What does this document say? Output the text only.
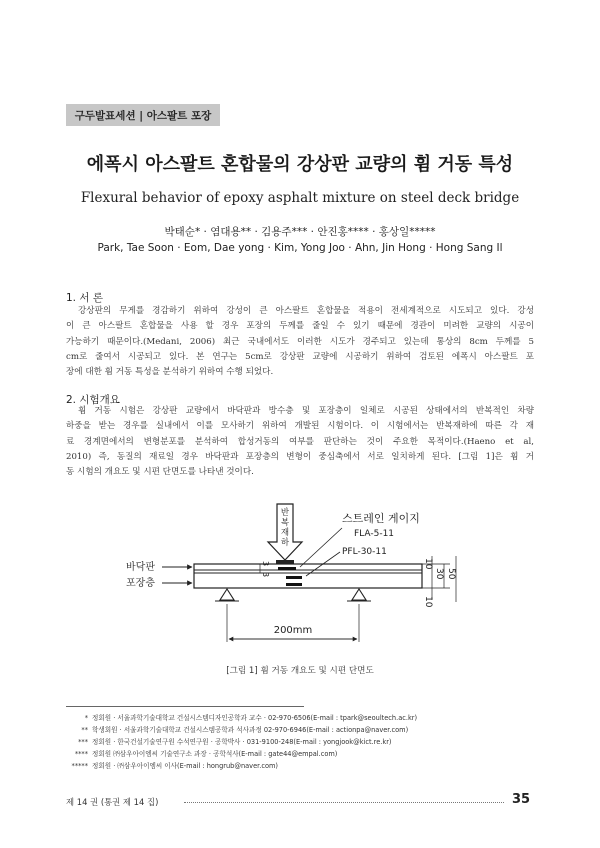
구두발표세션 | 아스팔트 포장
에폭시 아스팔트 혼합물의 강상판 교량의 휨 거동 특성
Flexural behavior of epoxy asphalt mixture on steel deck bridge
박태순* · 염대용** · 김용주*** · 안진홍**** · 홍상일*****
Park, Tae Soon · Eom, Dae yong · Kim, Yong Joo · Ahn, Jin Hong · Hong Sang Il
1. 서 론
강상판의 무게를 경감하기 위하여 강성이 큰 아스팔트 혼합물을 적용이 전세계적으로 시도되고 있다. 강성
이 큰 아스팔트 혼합물을 사용 할 경우 포장의 두께를 줄일 수 있기 때문에 경관이 미려한 교량의 시공이
가능하기 때문이다.(Medani, 2006) 최근 국내에서도 이러한 시도가 경주되고 있는데 통상의 8cm 두께를 5
cm로 줄여서 시공되고 있다. 본 연구는 5cm로 강상판 교량에 시공하기 위하여 검토된 에폭시 아스팔트 포
장에 대한 휨 거동 특성을 분석하기 위하여 수행 되었다.
2. 시험개요
휨 거동 시험은 강상판 교량에서 바닥판과 방수층 및 포장층이 일체로 시공된 상태에서의 반복적인 차량
하중을 받는 경우를 실내에서 이를 모사하기 위하여 개발된 시험이다. 이 시험에서는 반복재하에 따른 각 재
료 경계면에서의 변형분포를 분석하여 합성거동의 여부를 판단하는 것이 주요한 목적이다.(Haeno et al,
2010) 즉, 동질의 재료일 경우 바닥판과 포장층의 변형이 중심축에서 서로 일치하게 된다. [그림 1]은 휨 거
동 시험의 개요도 및 시편 단면도를 나타낸 것이다.
반
복
재
하
스트레인 게이지
FLA-5-11
PFL-30-11
바닥판
포장층
3
3
10
30 50
10
200mm
[그림 1] 휨 거동 개요도 및 시편 단면도
* 정회원 · 서울과학기술대학교 건설시스템디자인공학과 교수 · 02-970-6506(E-mail : tpark@seoultech.ac.kr)
** 학생회원 · 서울과학기술대학교 건설시스템공학과 석사과정 02-970-6946(E-mail : actionpa@naver.com)
*** 정회원 · 한국건설기술연구원 수석연구원 · 공학박사 · 031-9100-248(E-mail : yongjook@kict.re.kr)
**** 정회원 ㈜삼우아이엠씨 기술연구소 과장 · 공학석사(E-mail : gate44@empal.com)
***** 정회원 · ㈜삼우아이엠씨 이사(E-mail : hongrub@naver.com)
제 14 권 (통권 제 14 집)	35
